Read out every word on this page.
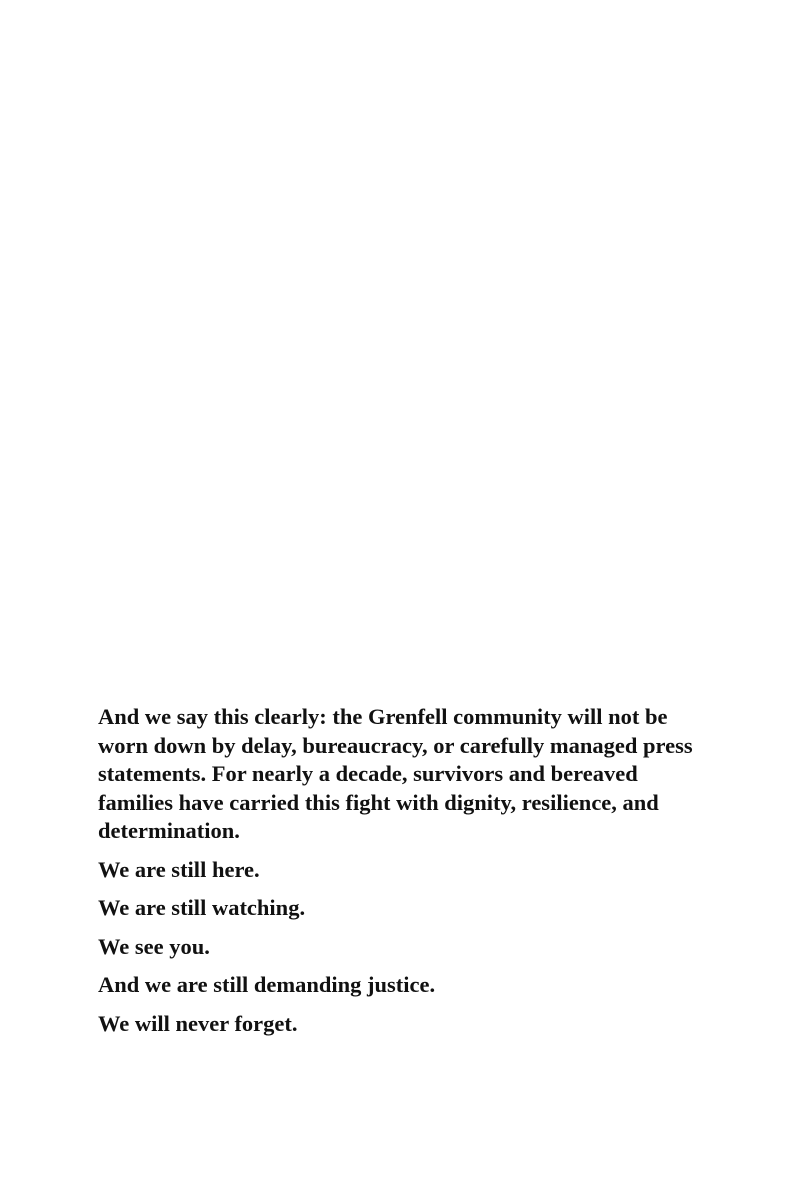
And we say this clearly: the Grenfell community will not be worn down by delay, bureaucracy, or carefully managed press statements. For nearly a decade, survivors and bereaved families have carried this fight with dignity, resilience, and determination.

We are still here.

We are still watching.

We see you.

And we are still demanding justice.

We will never forget.
